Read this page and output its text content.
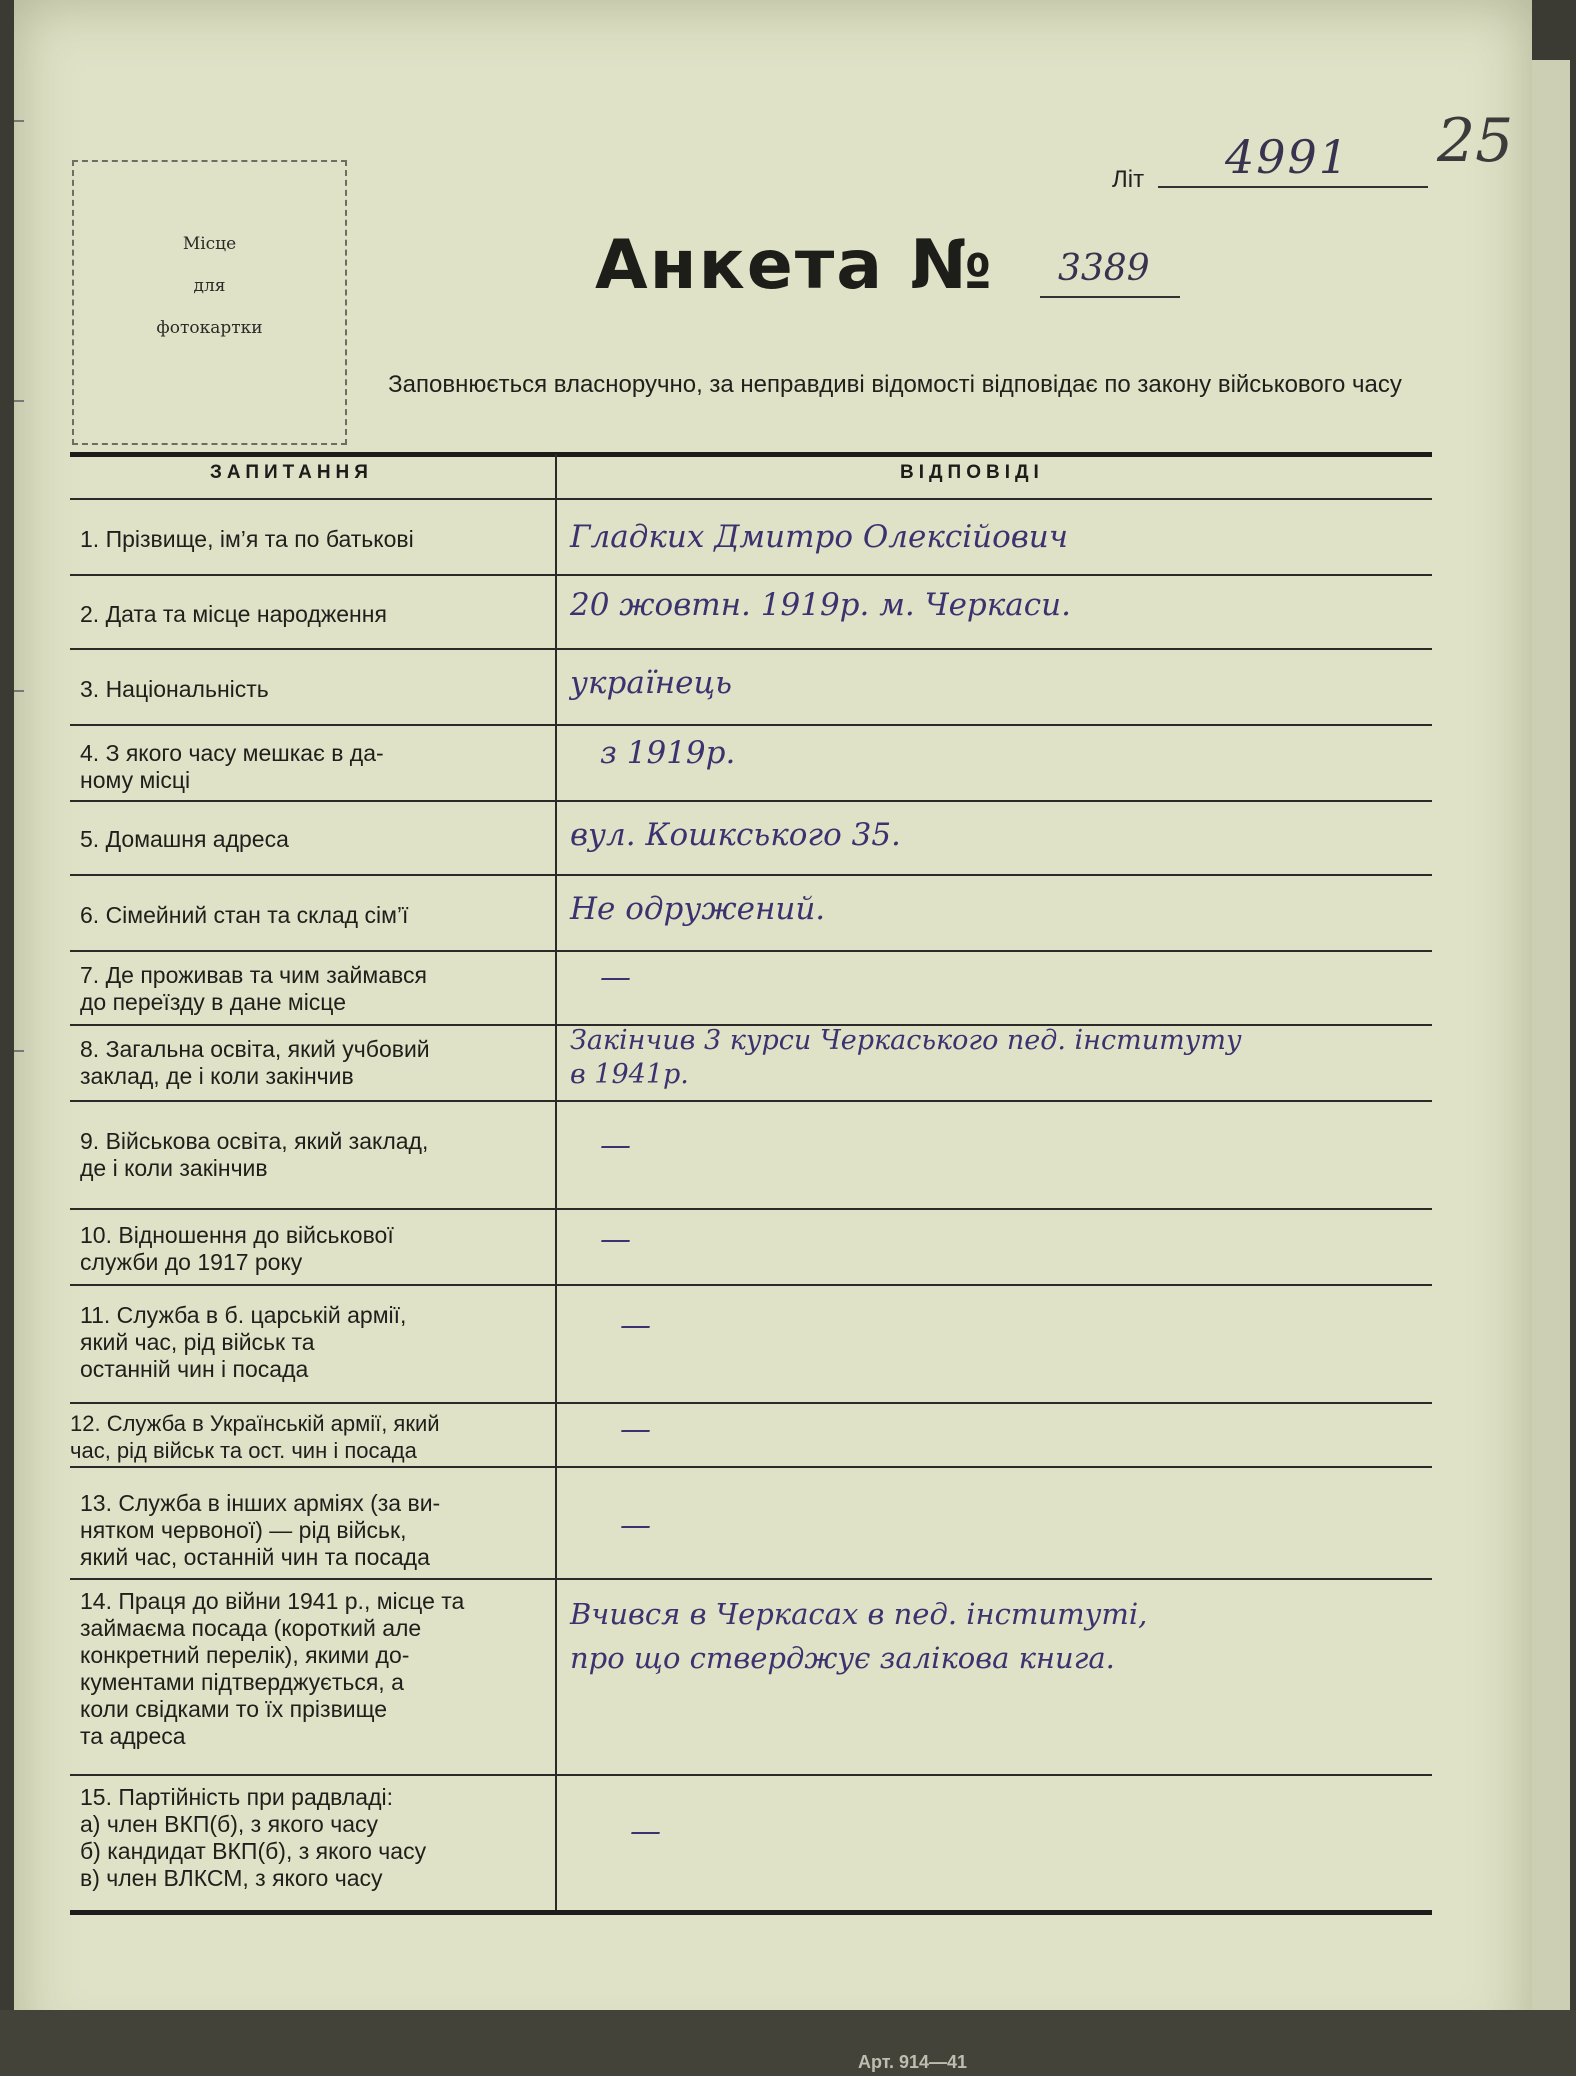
Місце
для
фотокартки
Літ 4991 25
Анкета № 3389
Заповнюється власноручно, за неправдиві відомості відповідає по закону військового часу
ЗАПИТАННЯ	ВІДПОВІДІ
1. Прізвище, ім’я та по батькові
2. Дата та місце народження
3. Національність
4. З якого часу мешкає в да-
ному місці
5. Домашня адреса
6. Сімейний стан та склад сім’ї
7. Де проживав та чим займався
до переїзду в дане місце
8. Загальна освіта, який учбовий
заклад, де і коли закінчив
9. Військова освіта, який заклад,
де і коли закінчив
10. Відношення до військової
служби до 1917 року
11. Служба в б. царській армії,
який час, рід військ та
останній чин і посада
12. Служба в Українській армії, який
час, рід військ та ост. чин і посада
13. Служба в інших арміях (за ви-
нятком червоної) — рід військ,
який час, останній чин та посада
14. Праця до війни 1941 р., місце та
займаєма посада (короткий але
конкретний перелік), якими до-
кументами підтверджується, а
коли свідками то їх прізвище
та адреса
15. Партійність при радвладі:
а) член ВКП(б), з якого часу
б) кандидат ВКП(б), з якого часу
в) член ВЛКСМ, з якого часу
Гладких Дмитро Олексійович
20 жовтн. 1919р. м. Черкаси.
українець
з 1919р.
вул. Кошкського 35.
Не одружений.
—
Закінчив 3 курси Черкаського пед. інституту
в 1941р.
—
—
—
—
—
Вчився в Черкасах в пед. інституті,
про що стверджує залікова книга.
—
Арт. 914—41
